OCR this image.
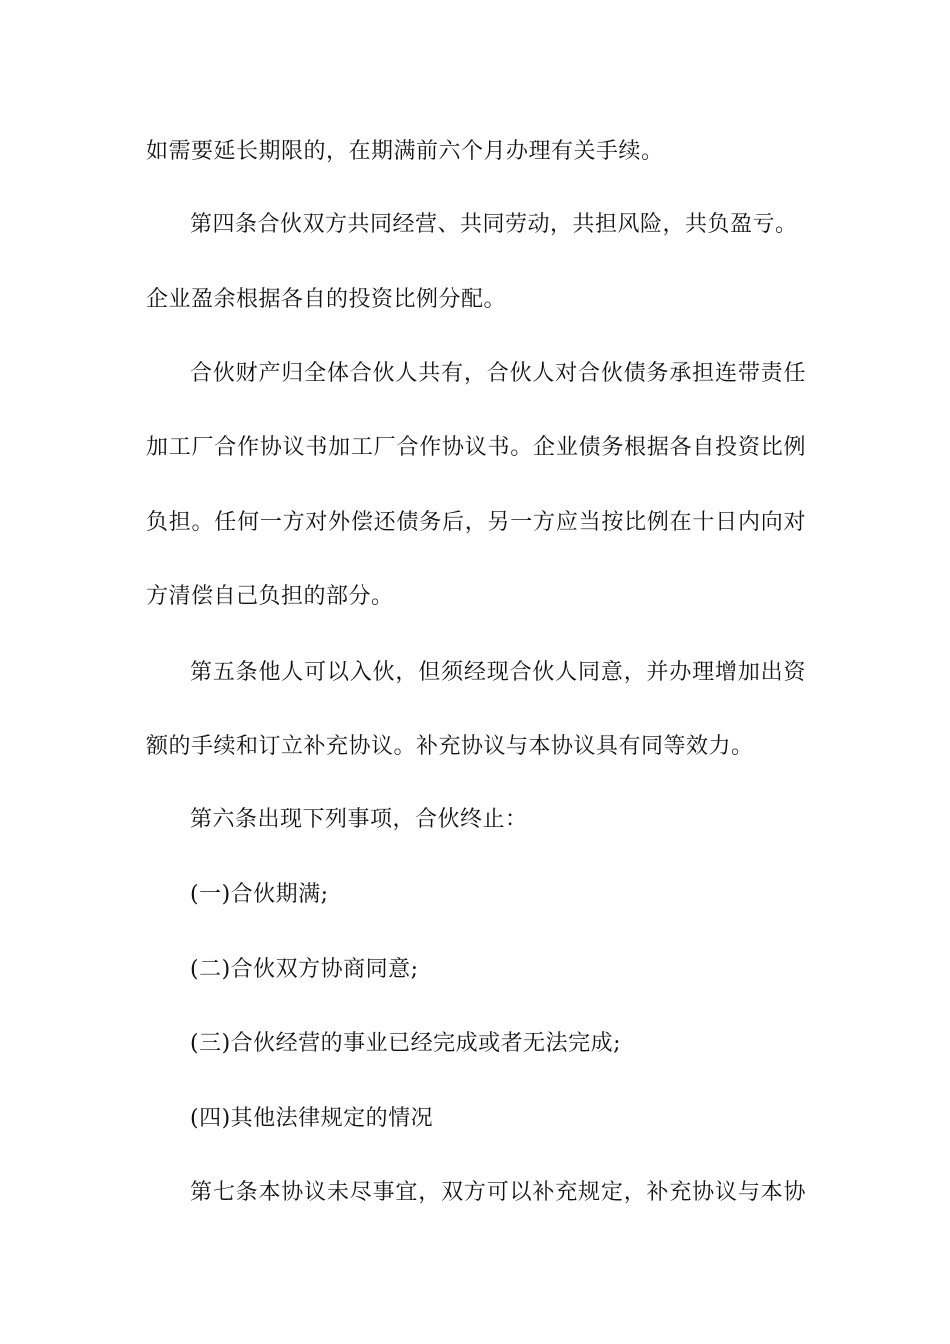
如需要延长期限的，在期满前六个月办理有关手续。
第四条合伙双方共同经营、共同劳动，共担风险，共负盈亏。
企业盈余根据各自的投资比例分配。
合伙财产归全体合伙人共有，合伙人对合伙债务承担连带责任
加工厂合作协议书加工厂合作协议书。企业债务根据各自投资比例
负担。任何一方对外偿还债务后，另一方应当按比例在十日内向对
方清偿自己负担的部分。
第五条他人可以入伙，但须经现合伙人同意，并办理增加出资
额的手续和订立补充协议。补充协议与本协议具有同等效力。
第六条出现下列事项，合伙终止：
(一)合伙期满;
(二)合伙双方协商同意;
(三)合伙经营的事业已经完成或者无法完成;
(四)其他法律规定的情况
第七条本协议未尽事宜，双方可以补充规定，补充协议与本协
